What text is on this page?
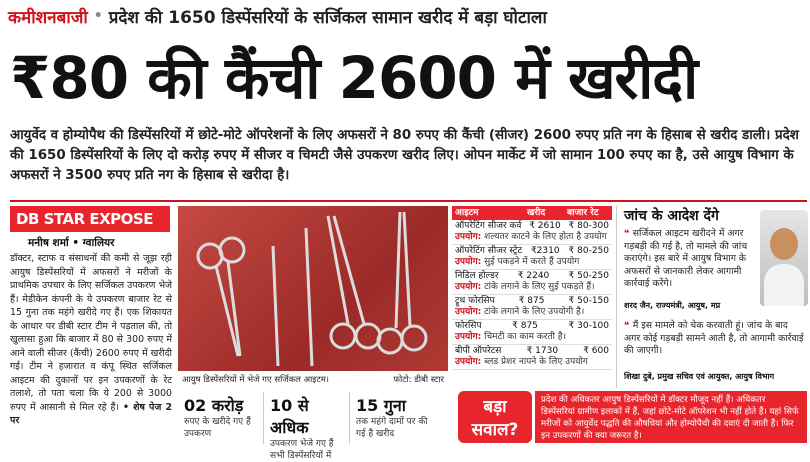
कमीशनबाजी • प्रदेश की 1650 डिस्पेंसरियों के सर्जिकल सामान खरीद में बड़ा घोटाला
₹80 की कैंची 2600 में खरीदी

आयुर्वेद व होम्योपैथ की डिस्पेंसरियों में छोटे-मोटे ऑपरेशनों के लिए अफसरों ने 80 रुपए की कैंची (सीजर) 2600 रुपए प्रति नग के हिसाब से खरीद डाली। प्रदेश की 1650 डिस्पेंसरियों के लिए दो करोड़ रुपए में सीजर व चिमटी जैसे उपकरण खरीद लिए। ओपन मार्केट में जो सामान 100 रुपए का है, उसे आयुष विभाग के अफसरों ने 3500 रुपए प्रति नग के हिसाब से खरीदा है।

DB STAR EXPOSE
मनीष शर्मा • ग्वालियर

डॉक्टर, स्टाफ व संसाधनों की कमी से जूझ रही आयुष डिस्पेंसरियों में अफसरों ने मरीजों के प्राथमिक उपचार के लिए सर्जिकल उपकरण भेजे हैं। मेडीकेन कंपनी के ये उपकरण बाजार रेट से 15 गुना तक महंगे खरीदे गए हैं। एक शिकायत के आधार पर डीबी स्टार टीम ने पड़ताल की, तो खुलासा हुआ कि बाजार में 80 से 300 रुपए में आने वाली सीजर (कैंची) 2600 रुपए में खरीदी गई। टीम ने हजारात व कंपू स्थित सर्जिकल आइटम की दुकानों पर इन उपकरणों के रेट तलाशे, तो पता चला कि ये 200 से 3000 रुपए में आसानी से मिल रहे हैं। • शेष पेज 2 पर

आयुष डिस्पेंसरियों में भेजे गए सर्जिकल आइटम।	फोटो: डीबी स्टार
02 करोड़
रुपए के खरीदे गए हैं उपकरण
10 से अधिक
उपकरण भेजे गए हैं सभी डिस्पेंसरियों में
15 गुना
तक महंगे दामों पर की गई है खरीद
आइटम	खरीद	बाजार रेट
ऑपरेटिंग सीजर कर्व ₹ 2610 ₹ 80-300
उपयोग: शल्यतर काटने के लिए होता है उपयोग
ऑपरेटिंग सीजर स्ट्रेट ₹2310 ₹ 80-250
उपयोग: सुई पकड़ने में करते हैं उपयोग
निडिल होल्डर ₹ 2240 ₹ 50-250
उपयोग: टांके लगाने के लिए सुई पकड़ते हैं।
ट्रूथ फोरसिप	₹ 875	₹ 50-150
उपयोग: टांके लगाने के लिए उपयोगी है।
फोरसिप	₹ 875	₹ 30-100
उपयोग: चिमटी का काम करती है।
बीपी ऑपरेटस	₹ 1730	₹ 600
उपयोग: ब्लड प्रेशर नापने के लिए उपयोग
जांच के आदेश देंगे

❝ सर्जिकल आइटम खरीदने में अगर गड़बड़ी की गई है, तो मामले की जांच कराएंगे। इस बारे में आयुष विभाग के अफसरों से जानकारी लेकर आगामी कार्रवाई करेंगे।

शरद जैन, राज्यमंत्री, आयुष, मप्र

❝ मैं इस मामले को चेक करवाती हूं। जांच के बाद अगर कोई गड़बड़ी सामने आती है, तो आगामी कार्रवाई की जाएगी।

शिखा दुबे, प्रमुख सचिव एवं आयुक्त, आयुष विभाग
बड़ा
सवाल?
प्रदेश की अधिकतर आयुष डिस्पेंसरियों में डॉक्टर मौजूद नहीं हैं। अधिकतर डिस्पेंसरियां ग्रामीण इलाकों में हैं, जहां छोटे-मोटे ऑपरेशन भी नहीं होते हैं। यहां सिर्फ मरीजों को आयुर्वेद पद्धति की औषधियां और होम्योपैथी की दवाएं दी जाती हैं। फिर इन उपकरणों की क्या जरूरत है।
